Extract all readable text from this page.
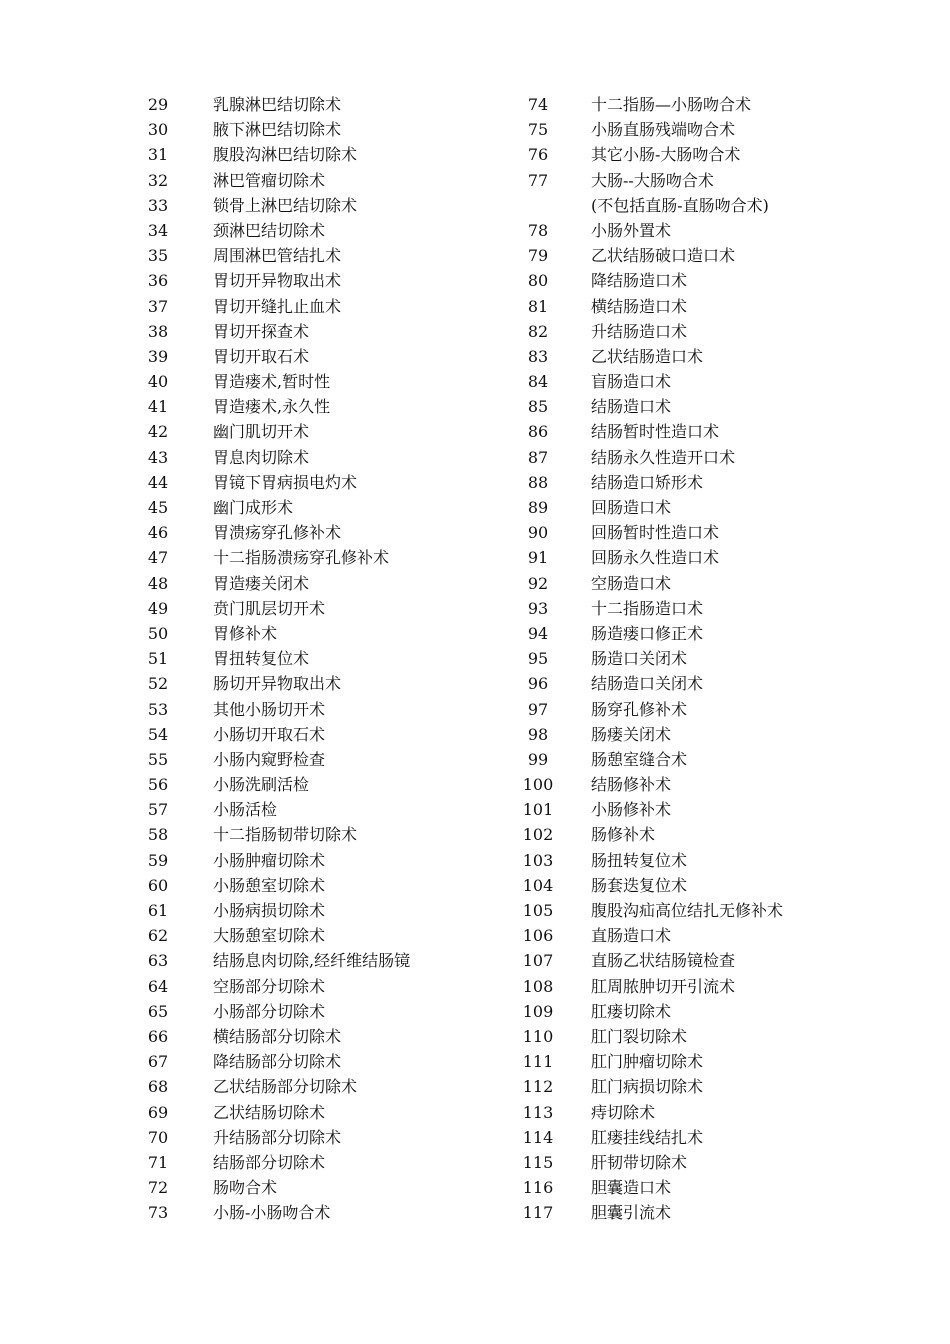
29	乳腺淋巴结切除术
30	腋下淋巴结切除术
31	腹股沟淋巴结切除术
32	淋巴管瘤切除术
33	锁骨上淋巴结切除术
34	颈淋巴结切除术
35	周围淋巴管结扎术
36	胃切开异物取出术
37	胃切开缝扎止血术
38	胃切开探查术
39	胃切开取石术
40	胃造瘘术,暂时性
41	胃造瘘术,永久性
42	幽门肌切开术
43	胃息肉切除术
44	胃镜下胃病损电灼术
45	幽门成形术
46	胃溃疡穿孔修补术
47	十二指肠溃疡穿孔修补术
48	胃造瘘关闭术
49	贲门肌层切开术
50	胃修补术
51	胃扭转复位术
52	肠切开异物取出术
53	其他小肠切开术
54	小肠切开取石术
55	小肠内窥野检查
56	小肠洗刷活检
57	小肠活检
58	十二指肠韧带切除术
59	小肠肿瘤切除术
60	小肠憩室切除术
61	小肠病损切除术
62	大肠憩室切除术
63	结肠息肉切除,经纤维结肠镜
64	空肠部分切除术
65	小肠部分切除术
66	横结肠部分切除术
67	降结肠部分切除术
68	乙状结肠部分切除术
69	乙状结肠切除术
70	升结肠部分切除术
71	结肠部分切除术
72	肠吻合术
73	小肠-小肠吻合术
74	十二指肠—小肠吻合术
75	小肠直肠残端吻合术
76	其它小肠-大肠吻合术
77	大肠--大肠吻合术
(不包括直肠-直肠吻合术)
78	小肠外置术
79	乙状结肠破口造口术
80	降结肠造口术
81	横结肠造口术
82	升结肠造口术
83	乙状结肠造口术
84	盲肠造口术
85	结肠造口术
86	结肠暂时性造口术
87	结肠永久性造开口术
88	结肠造口矫形术
89	回肠造口术
90	回肠暂时性造口术
91	回肠永久性造口术
92	空肠造口术
93	十二指肠造口术
94	肠造瘘口修正术
95	肠造口关闭术
96	结肠造口关闭术
97	肠穿孔修补术
98	肠瘘关闭术
99	肠憩室缝合术
100 结肠修补术
101 小肠修补术
102 肠修补术
103 肠扭转复位术
104 肠套迭复位术
105 腹股沟疝高位结扎无修补术
106 直肠造口术
107 直肠乙状结肠镜检查
108 肛周脓肿切开引流术
109 肛瘘切除术
110 肛门裂切除术
111 肛门肿瘤切除术
112 肛门病损切除术
113 痔切除术
114 肛瘘挂线结扎术
115 肝韧带切除术
116 胆囊造口术
117 胆囊引流术
